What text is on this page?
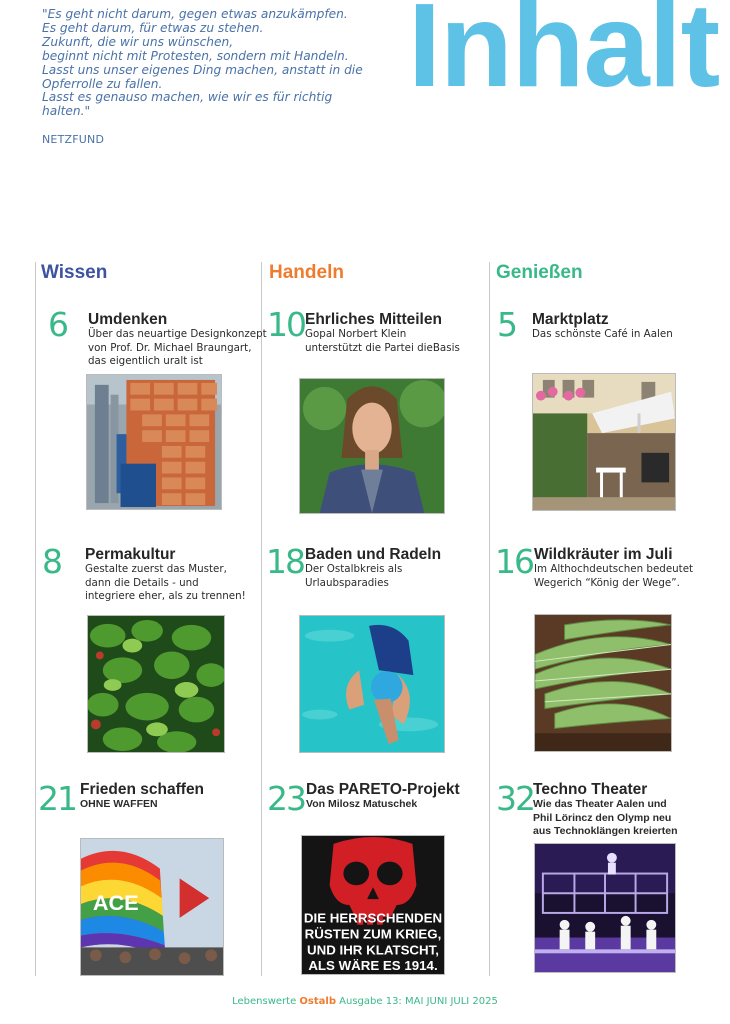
"Es geht nicht darum, gegen etwas anzukämpfen.
Es geht darum, für etwas zu stehen.
Zukunft, die wir uns wünschen,
beginnt nicht mit Protesten, sondern mit Handeln.
Lasst uns unser eigenes Ding machen, anstatt in die
Opferrolle zu fallen.
Lasst es genauso machen, wie wir es für richtig
halten."
NETZFUND
Inhalt
Wissen	Handeln	Genießen
6 Umdenken
Über das neuartige Designkonzept
von Prof. Dr. Michael Braungart,
das eigentlich uralt ist
8 Permakultur
Gestalte zuerst das Muster,
dann die Details - und
integriere eher, als zu trennen!
21 Frieden schaffen
OHNE WAFFEN
ACE
10 Ehrliches Mitteilen
Gopal Norbert Klein
unterstützt die Partei dieBasis
18 Baden und Radeln
Der Ostalbkreis als
Urlaubsparadies
23 Das PARETO-Projekt
Von Milosz Matuschek
DIE HERRSCHENDEN
RÜSTEN ZUM KRIEG,
UND IHR KLATSCHT,
ALS WÄRE ES 1914.
5 Marktplatz
Das schönste Café in Aalen
16 Wildkräuter im Juli
Im Althochdeutschen bedeutet
Wegerich “König der Wege”.
32 Techno Theater
Wie das Theater Aalen und
Phil Lörincz den Olymp neu
aus Technoklängen kreierten
Lebenswerte Ostalb Ausgabe 13: MAI JUNI JULI 2025
